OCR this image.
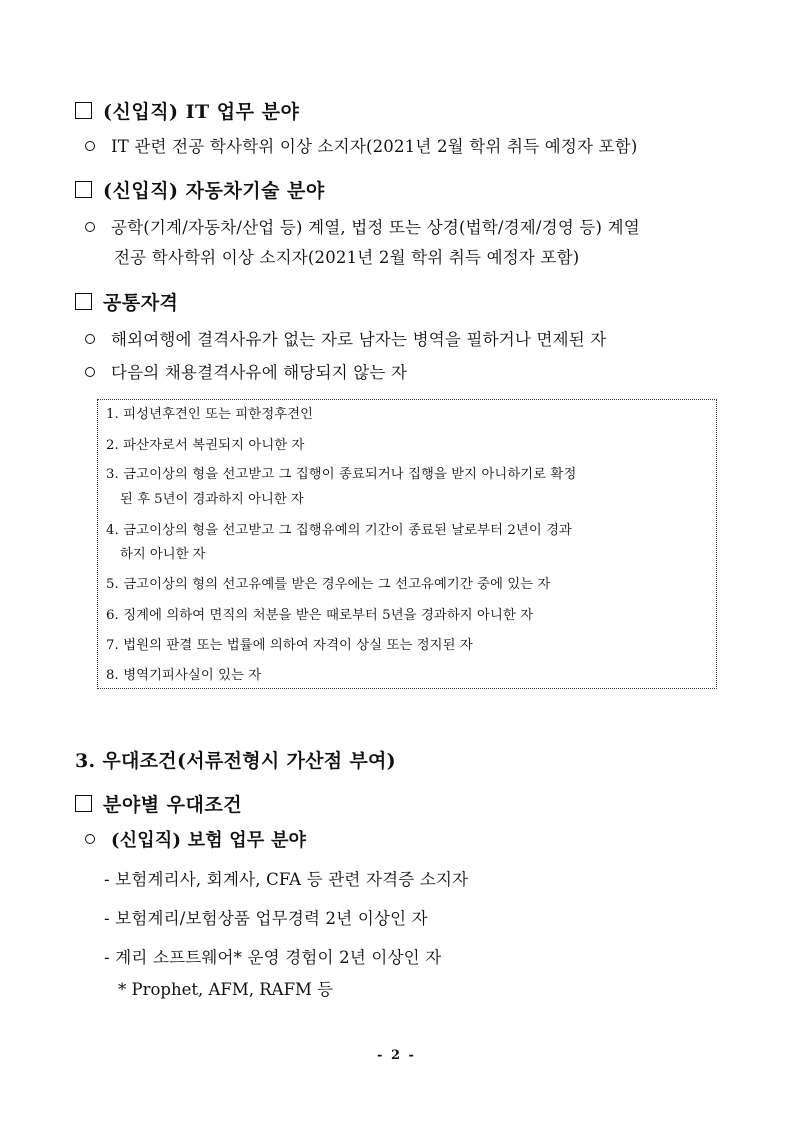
(신입직) IT 업무 분야
IT 관련 전공 학사학위 이상 소지자(2021년 2월 학위 취득 예정자 포함)
(신입직) 자동차기술 분야
공학(기계/자동차/산업 등) 계열, 법정 또는 상경(법학/경제/경영 등) 계열
전공 학사학위 이상 소지자(2021년 2월 학위 취득 예정자 포함)
공통자격
해외여행에 결격사유가 없는 자로 남자는 병역을 필하거나 면제된 자
다음의 채용결격사유에 해당되지 않는 자
1. 피성년후견인 또는 피한정후견인
2. 파산자로서 복권되지 아니한 자
3. 금고이상의 형을 선고받고 그 집행이 종료되거나 집행을 받지 아니하기로 확정
된 후 5년이 경과하지 아니한 자
4. 금고이상의 형을 선고받고 그 집행유예의 기간이 종료된 날로부터 2년이 경과
하지 아니한 자
5. 금고이상의 형의 선고유예를 받은 경우에는 그 선고유예기간 중에 있는 자
6. 징계에 의하여 면직의 처분을 받은 때로부터 5년을 경과하지 아니한 자
7. 법원의 판결 또는 법률에 의하여 자격이 상실 또는 정지된 자
8. 병역기피사실이 있는 자
3. 우대조건(서류전형시 가산점 부여)
분야별 우대조건
(신입직) 보험 업무 분야
- 보험계리사, 회계사, CFA 등 관련 자격증 소지자
- 보험계리/보험상품 업무경력 2년 이상인 자
- 계리 소프트웨어* 운영 경험이 2년 이상인 자
* Prophet, AFM, RAFM 등
- 2 -
